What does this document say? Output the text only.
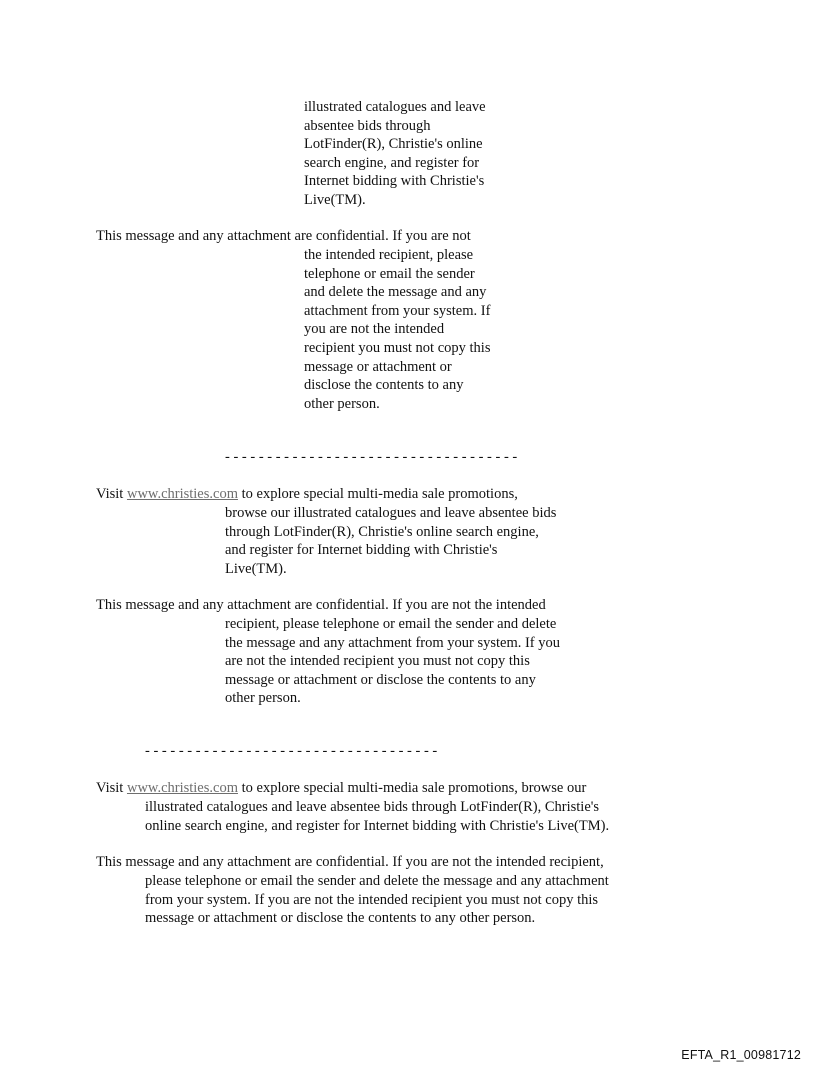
illustrated catalogues and leave
absentee bids through
LotFinder(R), Christie's online
search engine, and register for
Internet bidding with Christie's
Live(TM).
This message and any attachment are confidential. If you are not
the intended recipient, please
telephone or email the sender
and delete the message and any
attachment from your system. If
you are not the intended
recipient you must not copy this
message or attachment or
disclose the contents to any
other person.
- - - - - - - - - - - - - - - - - - - - - - - - - - - - - - - - - - -
Visit www.christies.com to explore special multi-media sale promotions,
browse our illustrated catalogues and leave absentee bids
through LotFinder(R), Christie's online search engine,
and register for Internet bidding with Christie's
Live(TM).
This message and any attachment are confidential. If you are not the intended
recipient, please telephone or email the sender and delete
the message and any attachment from your system. If you
are not the intended recipient you must not copy this
message or attachment or disclose the contents to any
other person.
- - - - - - - - - - - - - - - - - - - - - - - - - - - - - - - - - - -
Visit www.christies.com to explore special multi-media sale promotions, browse our
illustrated catalogues and leave absentee bids through LotFinder(R), Christie's
online search engine, and register for Internet bidding with Christie's Live(TM).
This message and any attachment are confidential. If you are not the intended recipient,
please telephone or email the sender and delete the message and any attachment
from your system. If you are not the intended recipient you must not copy this
message or attachment or disclose the contents to any other person.
EFTA_R1_00981712
